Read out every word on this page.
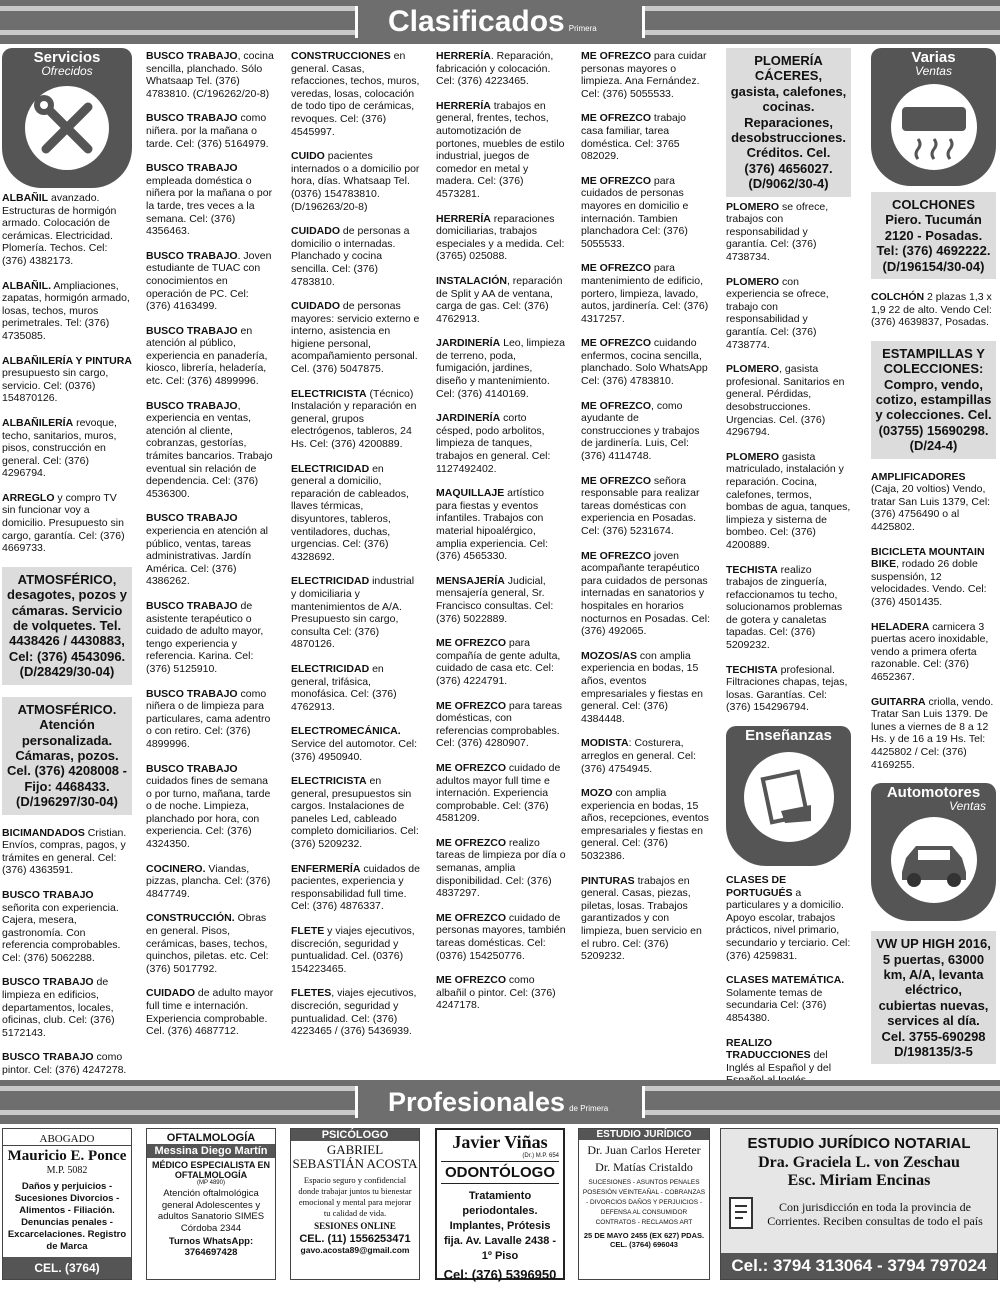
Clasificados Primera
Servicios
Ofrecidos
ALBAÑIL avanzado. Estructuras de hormigón armado. Colocación de cerámicas. Electricidad. Plomería. Techos. Cel: (376) 4382173.
ALBAÑIL. Ampliaciones, zapatas, hormigón armado, losas, techos, muros perimetrales. Tel: (376) 4735085.
ALBAÑILERÍA Y PINTURA presupuesto sin cargo, servicio. Cel: (0376) 154870126.
ALBAÑILERÍA revoque, techo, sanitarios, muros, pisos, construcción en general. Cel: (376) 4296794.
ARREGLO y compro TV sin funcionar voy a domicilio. Presupuesto sin cargo, garantía. Cel: (376) 4669733.
ATMOSFÉRICO, desagotes, pozos y cámaras. Servicio de volquetes. Tel. 4438426 / 4430883, Cel: (376) 4543096. (D/28429/30-04)
ATMOSFÉRICO. Atención personalizada. Cámaras, pozos. Cel. (376) 4208008 - Fijo: 4468433. (D/196297/30-04)
BICIMANDADOS Cristian. Envíos, compras, pagos, y trámites en general. Cel: (376) 4363591.
BUSCO TRABAJO señorita con experiencia. Cajera, mesera, gastronomía. Con referencia comprobables. Cel: (376) 5062288.
BUSCO TRABAJO de limpieza en edificios, departamentos, locales, oficinas, club. Cel: (376) 5172143.
BUSCO TRABAJO como pintor. Cel: (376) 4247278.
BUSCO TRABAJO, cocina sencilla, planchado. Sólo Whatsaap Tel. (376) 4783810. (C/196262/20-8)
BUSCO TRABAJO como niñera. por la mañana o tarde. Cel: (376) 5164979.
BUSCO TRABAJO empleada doméstica o niñera por la mañana o por la tarde, tres veces a la semana. Cel: (376) 4356463.
BUSCO TRABAJO. Joven estudiante de TUAC con conocimientos en operación de PC. Cel: (376) 4163499.
BUSCO TRABAJO en atención al público, experiencia en panadería, kiosco, librería, heladería, etc. Cel: (376) 4899996.
BUSCO TRABAJO, experiencia en ventas, atención al cliente, cobranzas, gestorías, trámites bancarios. Trabajo eventual sin relación de dependencia. Cel: (376) 4536300.
BUSCO TRABAJO experiencia en atención al público, ventas, tareas administrativas. Jardín América. Cel: (376) 4386262.
BUSCO TRABAJO de asistente terapéutico o cuidado de adulto mayor, tengo experiencia y referencia. Karina. Cel: (376) 5125910.
BUSCO TRABAJO como niñera o de limpieza para particulares, cama adentro o con retiro. Cel: (376) 4899996.
BUSCO TRABAJO cuidados fines de semana o por turno, mañana, tarde o de noche. Limpieza, planchado por hora, con experiencia. Cel: (376) 4324350.
COCINERO. Viandas, pizzas, plancha. Cel: (376) 4847749.
CONSTRUCCIÓN. Obras en general. Pisos, cerámicas, bases, techos, quinchos, piletas. etc. Cel: (376) 5017792.
CUIDADO de adulto mayor full time e internación. Experiencia comprobable. Cel. (376) 4687712.
CONSTRUCCIONES en general. Casas, refacciones, techos, muros, veredas, losas, colocación de todo tipo de cerámicas, revoques. Cel: (376) 4545997.
CUIDO pacientes internados o a domicilio por hora, días. Whatsaap Tel. (0376) 154783810. (D/196263/20-8)
CUIDADO de personas a domicilio o internadas. Planchado y cocina sencilla. Cel: (376) 4783810.
CUIDADO de personas mayores: servicio externo e interno, asistencia en higiene personal, acompañamiento personal. Cel. (376) 5047875.
ELECTRICISTA (Técnico) Instalación y reparación en general, grupos electrógenos, tableros, 24 Hs. Cel: (376) 4200889.
ELECTRICIDAD en general a domicilio, reparación de cableados, llaves térmicas, disyuntores, tableros, ventiladores, duchas, urgencias. Cel: (376) 4328692.
ELECTRICIDAD industrial y domiciliaria y mantenimientos de A/A. Presupuesto sin cargo, consulta Cel: (376) 4870126.
ELECTRICIDAD en general, trifásica, monofásica. Cel: (376) 4762913.
ELECTROMECÁNICA. Service del automotor. Cel: (376) 4950940.
ELECTRICISTA en general, presupuestos sin cargos. Instalaciones de paneles Led, cableado completo domiciliarios. Cel: (376) 5209232.
ENFERMERÍA cuidados de pacientes, experiencia y responsabilidad full time. Cel: (376) 4876337.
FLETE y viajes ejecutivos, discreción, seguridad y puntualidad. Cel. (0376) 154223465.
FLETES, viajes ejecutivos, discreción, seguridad y puntualidad. Cel: (376) 4223465 / (376) 5436939.
HERRERÍA. Reparación, fabricación y colocación. Cel: (376) 4223465.
HERRERÍA trabajos en general, frentes, techos, automotización de portones, muebles de estilo industrial, juegos de comedor en metal y madera. Cel: (376) 4573281.
HERRERÍA reparaciones domiciliarias, trabajos especiales y a medida. Cel: (3765) 025088.
INSTALACIÓN, reparación de Split y AA de ventana, carga de gas. Cel: (376) 4762913.
JARDINERÍA Leo, limpieza de terreno, poda, fumigación, jardines, diseño y mantenimiento. Cel: (376) 4140169.
JARDINERÍA corto césped, podo arbolitos, limpieza de tanques, trabajos en general. Cel: 1127492402.
MAQUILLAJE artístico para fiestas y eventos infantiles. Trabajos con material hipoalérgico, amplia experiencia. Cel: (376) 4565330.
MENSAJERÍA Judicial, mensajería general, Sr. Francisco consultas. Cel: (376) 5022889.
ME OFREZCO para compañía de gente adulta, cuidado de casa etc. Cel: (376) 4224791.
ME OFREZCO para tareas domésticas, con referencias comprobables. Cel: (376) 4280907.
ME OFREZCO cuidado de adultos mayor full time e internación. Experiencia comprobable. Cel: (376) 4581209.
ME OFREZCO realizo tareas de limpieza por día o semanas, amplia disponibilidad. Cel: (376) 4837297.
ME OFREZCO cuidado de personas mayores, también tareas domésticas. Cel: (0376) 154250776.
ME OFREZCO como albañil o pintor. Cel: (376) 4247178.
ME OFREZCO para cuidar personas mayores o limpieza. Ana Fernández. Cel: (376) 5055533.
ME OFREZCO trabajo casa familiar, tarea doméstica. Cel: 3765 082029.
ME OFREZCO para cuidados de personas mayores en domicilio e internación. Tambien planchadora Cel: (376) 5055533.
ME OFREZCO para mantenimiento de edificio, portero, limpieza, lavado, autos, jardinería. Cel: (376) 4317257.
ME OFREZCO cuidando enfermos, cocina sencilla, planchado. Solo WhatsApp Cel: (376) 4783810.
ME OFREZCO, como ayudante de construcciones y trabajos de jardinería. Luis, Cel: (376) 4114748.
ME OFREZCO señora responsable para realizar tareas domésticas con experiencia en Posadas. Cel: (376) 5231674.
ME OFREZCO joven acompañante terapéutico para cuidados de personas internadas en sanatorios y hospitales en horarios nocturnos en Posadas. Cel: (376) 492065.
MOZOS/AS con amplia experiencia en bodas, 15 años, eventos empresariales y fiestas en general. Cel: (376) 4384448.
MODISTA: Costurera, arreglos en general. Cel: (376) 4754945.
MOZO con amplia experiencia en bodas, 15 años, recepciones, eventos empresariales y fiestas en general. Cel: (376) 5032386.
PINTURAS trabajos en general. Casas, piezas, piletas, losas. Trabajos garantizados y con limpieza, buen servicio en el rubro. Cel: (376) 5209232.
PLOMERÍA CÁCERES, gasista, calefones, cocinas. Reparaciones, desobstrucciones. Créditos. Cel. (376) 4656027. (D/9062/30-4)
PLOMERO se ofrece, trabajos con responsabilidad y garantía. Cel: (376) 4738734.
PLOMERO con experiencia se ofrece, trabajo con responsabilidad y garantía. Cel: (376) 4738774.
PLOMERO, gasista profesional. Sanitarios en general. Pérdidas, desobstrucciones. Urgencias. Cel. (376) 4296794.
PLOMERO gasista matriculado, instalación y reparación. Cocina, calefones, termos, bombas de agua, tanques, limpieza y sisterna de bombeo. Cel: (376) 4200889.
TECHISTA realizo trabajos de zinguería, refaccionamos tu techo, solucionamos problemas de gotera y canaletas tapadas. Cel: (376) 5209232.
TECHISTA profesional. Filtraciones chapas, tejas, losas. Garantías. Cel: (376) 154296794.
Enseñanzas
CLASES DE PORTUGUÉS a particulares y a domicilio. Apoyo escolar, trabajos prácticos, nivel primario, secundario y terciario. Cel: (376) 4259831.
CLASES MATEMÁTICA. Solamente temas de secundaria Cel: (376) 4854380.
REALIZO TRADUCCIONES del Inglés al Español y del
Varias
Ventas
COLCHONES Piero. Tucumán 2120 - Posadas. Tel: (376) 4692222. (D/196154/30-04)
COLCHÓN 2 plazas 1,3 x 1,9 22 de alto. Vendo Cel: (376) 4639837, Posadas.
ESTAMPILLAS Y COLECCIONES: Compro, vendo, cotizo, estampillas y colecciones. Cel. (03755) 15690298. (D/24-4)
AMPLIFICADORES (Caja, 20 voltios) Vendo, tratar San Luis 1379, Cel: (376) 4756490 o al 4425802.
BICICLETA MOUNTAIN BIKE, rodado 26 doble suspensión, 12 velocidades. Vendo. Cel: (376) 4501435.
HELADERA carnicera 3 puertas acero inoxidable, vendo a primera oferta razonable. Cel: (376) 4652367.
GUITARRA criolla, vendo. Tratar San Luis 1379. De lunes a viernes de 8 a 12 Hs. y de 16 a 19 Hs. Tel: 4425802 / Cel: (376) 4169255.
Automotores
Ventas
VW UP HIGH 2016, 5 puertas, 63000 km, A/A, levanta eléctrico, cubiertas nuevas, services al día. Cel. 3755-690298 D/198135/3-5
Profesionales de Primera
ABOGADO
Mauricio E. Ponce
M.P. 5082
Daños y perjuicios - Sucesiones Divorcios - Alimentos - Filiación. Denuncias penales - Excarcelaciones. Registro de Marca
CEL. (3764) 154668181
OFTALMOLOGÍA
Messina Diego Martín
MÉDICO ESPECIALISTA EN OFTALMOLOGÍA
(MP 4890)
Atención oftalmológica general Adolescentes y adultos Sanatorio SIMES Córdoba 2344
Turnos WhatsApp: 3764697428
PSICÓLOGO
GABRIEL SEBASTIÁN ACOSTA
Espacio seguro y confidencial donde trabajar juntos tu bienestar emocional y mental para mejorar tu calidad de vida.
SESIONES ONLINE
CEL. (11) 1556253471
gavo.acosta89@gmail.com
Javier Viñas
(Dr.) M.P. 654
ODONTÓLOGO
Tratamiento periodontales. Implantes, Prótesis fija. Av. Lavalle 2438 - 1º Piso
Cel: (376) 5396950
ESTUDIO JURÍDICO
Dr. Juan Carlos Hereter
Dr. Matías Cristaldo
SUCESIONES - ASUNTOS PENALES POSESIÓN VEINTEAÑAL - COBRANZAS - DIVORCIOS DAÑOS Y PERJUICIOS - DEFENSA AL CONSUMIDOR CONTRATOS - RECLAMOS ART
25 DE MAYO 2455 (EX 627) PDAS.
CEL. (3764) 696043
ESTUDIO JURÍDICO NOTARIAL
Dra. Graciela L. von Zeschau
Esc. Miriam Encinas
Con jurisdicción en toda la provincia de Corrientes. Reciben consultas de todo el país
Cel.: 3794 313064 - 3794 797024
